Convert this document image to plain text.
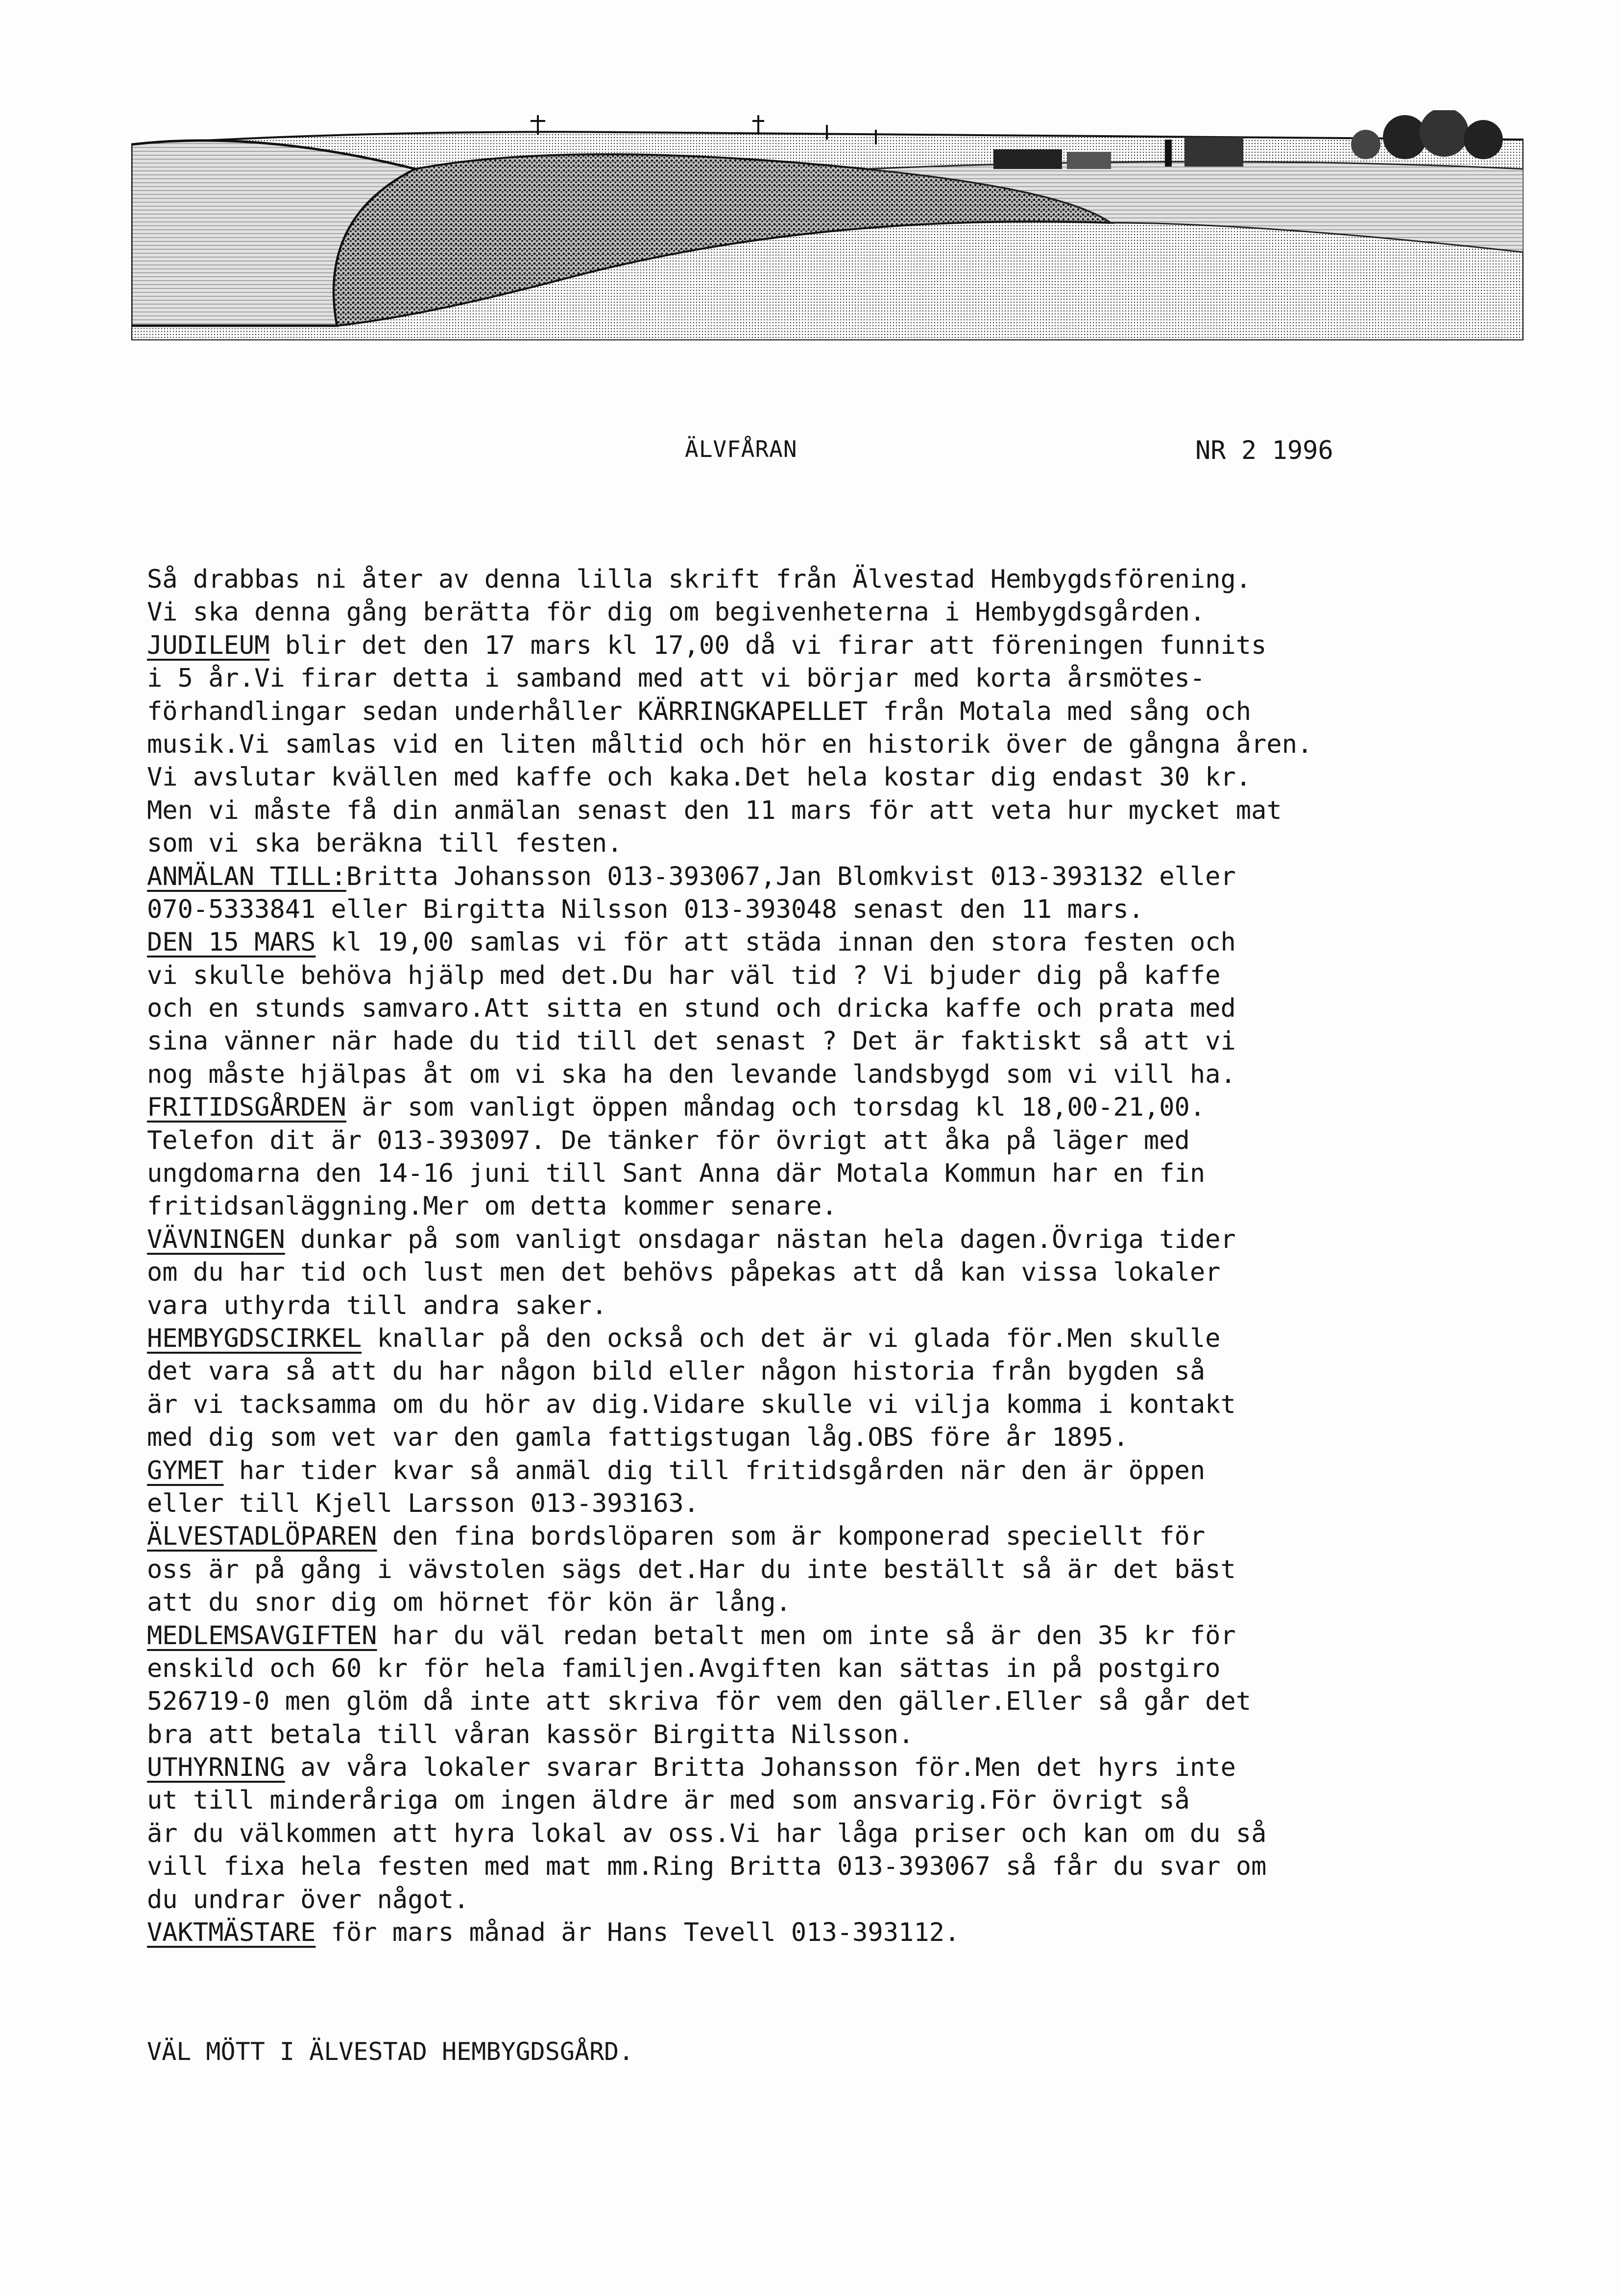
ÄLVFÅRAN	NR 2 1996
Så drabbas ni åter av denna lilla skrift från Älvestad Hembygdsförening.
Vi ska denna gång berätta för dig om begivenheterna i Hembygdsgården.
JUDILEUM blir det den 17 mars kl 17,00 då vi firar att föreningen funnits
i 5 år.Vi firar detta i samband med att vi börjar med korta årsmötes-
förhandlingar sedan underhåller KÄRRINGKAPELLET från Motala med sång och
musik.Vi samlas vid en liten måltid och hör en historik över de gångna åren.
Vi avslutar kvällen med kaffe och kaka.Det hela kostar dig endast 30 kr.
Men vi måste få din anmälan senast den 11 mars för att veta hur mycket mat
som vi ska beräkna till festen.
ANMÄLAN TILL:Britta Johansson 013-393067,Jan Blomkvist 013-393132 eller
070-5333841 eller Birgitta Nilsson 013-393048 senast den 11 mars.
DEN 15 MARS kl 19,00 samlas vi för att städa innan den stora festen och
vi skulle behöva hjälp med det.Du har väl tid ? Vi bjuder dig på kaffe
och en stunds samvaro.Att sitta en stund och dricka kaffe och prata med
sina vänner när hade du tid till det senast ? Det är faktiskt så att vi
nog måste hjälpas åt om vi ska ha den levande landsbygd som vi vill ha.
FRITIDSGÅRDEN är som vanligt öppen måndag och torsdag kl 18,00-21,00.
Telefon dit är 013-393097. De tänker för övrigt att åka på läger med
ungdomarna den 14-16 juni till Sant Anna där Motala Kommun har en fin
fritidsanläggning.Mer om detta kommer senare.
VÄVNINGEN dunkar på som vanligt onsdagar nästan hela dagen.Övriga tider
om du har tid och lust men det behövs påpekas att då kan vissa lokaler
vara uthyrda till andra saker.
HEMBYGDSCIRKEL knallar på den också och det är vi glada för.Men skulle
det vara så att du har någon bild eller någon historia från bygden så
är vi tacksamma om du hör av dig.Vidare skulle vi vilja komma i kontakt
med dig som vet var den gamla fattigstugan låg.OBS före år 1895.
GYMET har tider kvar så anmäl dig till fritidsgården när den är öppen
eller till Kjell Larsson 013-393163.
ÄLVESTADLÖPAREN den fina bordslöparen som är komponerad speciellt för
oss är på gång i vävstolen sägs det.Har du inte beställt så är det bäst
att du snor dig om hörnet för kön är lång.
MEDLEMSAVGIFTEN har du väl redan betalt men om inte så är den 35 kr för
enskild och 60 kr för hela familjen.Avgiften kan sättas in på postgiro
526719-0 men glöm då inte att skriva för vem den gäller.Eller så går det
bra att betala till våran kassör Birgitta Nilsson.
UTHYRNING av våra lokaler svarar Britta Johansson för.Men det hyrs inte
ut till minderåriga om ingen äldre är med som ansvarig.För övrigt så
är du välkommen att hyra lokal av oss.Vi har låga priser och kan om du så
vill fixa hela festen med mat mm.Ring Britta 013-393067 så får du svar om
du undrar över något.
VAKTMÄSTARE för mars månad är Hans Tevell 013-393112.
VÄL MÖTT I ÄLVESTAD HEMBYGDSGÅRD.
